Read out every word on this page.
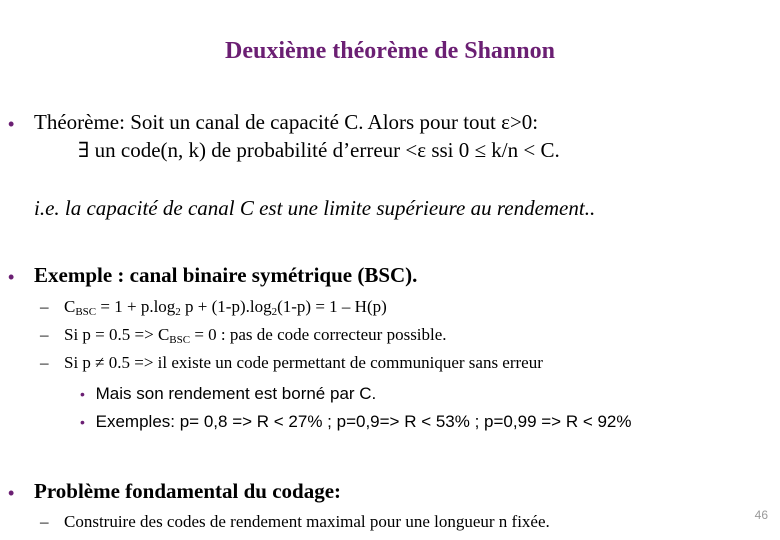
Deuxième théorème de Shannon
• Théorème: Soit un canal de capacité C. Alors pour tout ε>0:
∃ un code(n, k) de probabilité d’erreur <ε ssi 0 ≤ k/n < C.
i.e. la capacité de canal C est une limite supérieure au rendement..
• Exemple : canal binaire symétrique (BSC).
– $C_{BSC} = 1 + p.\log_2$ $p + (1-p).\log_2(1-p) = 1 - H(p)$
– Si $p = 0.5 => C_{BSC} = 0$ : pas de code correcteur possible.
– Si p ≠ 0.5 => il existe un code permettant de communiquer sans erreur
• Mais son rendement est borné par C.
• Exemples: p= 0,8 => R < 27% ; p=0,9=> R < 53% ; p=0,99 => R < 92%
• Problème fondamental du codage:
– Construire des codes de rendement maximal pour une longueur n fixée.	46
